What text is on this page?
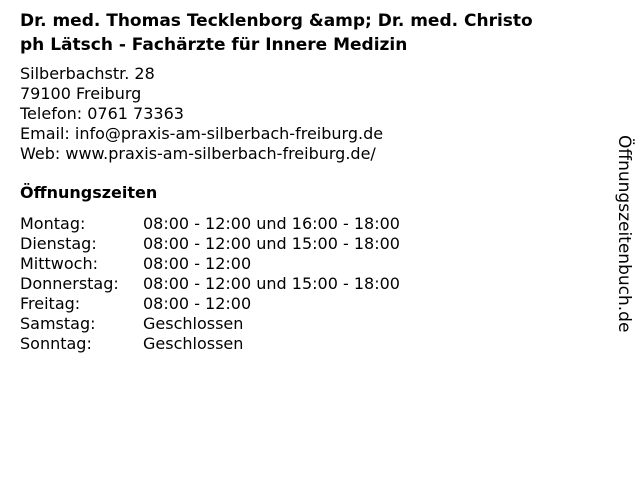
Dr. med. Thomas Tecklenborg &amp; Dr. med. Christo
ph Lätsch - Fachärzte für Innere Medizin
Silberbachstr. 28
79100 Freiburg
Telefon: 0761 73363
Email: info@praxis-am-silberbach-freiburg.de
Web: www.praxis-am-silberbach-freiburg.de/
Öffnungszeiten
Montag:	08:00 - 12:00 und 16:00 - 18:00
Dienstag:	08:00 - 12:00 und 15:00 - 18:00
Mittwoch:	08:00 - 12:00
Donnerstag:	08:00 - 12:00 und 15:00 - 18:00
Freitag:	08:00 - 12:00
Samstag:	Geschlossen
Sonntag:	Geschlossen
Öffnungszeitenbuch.de
